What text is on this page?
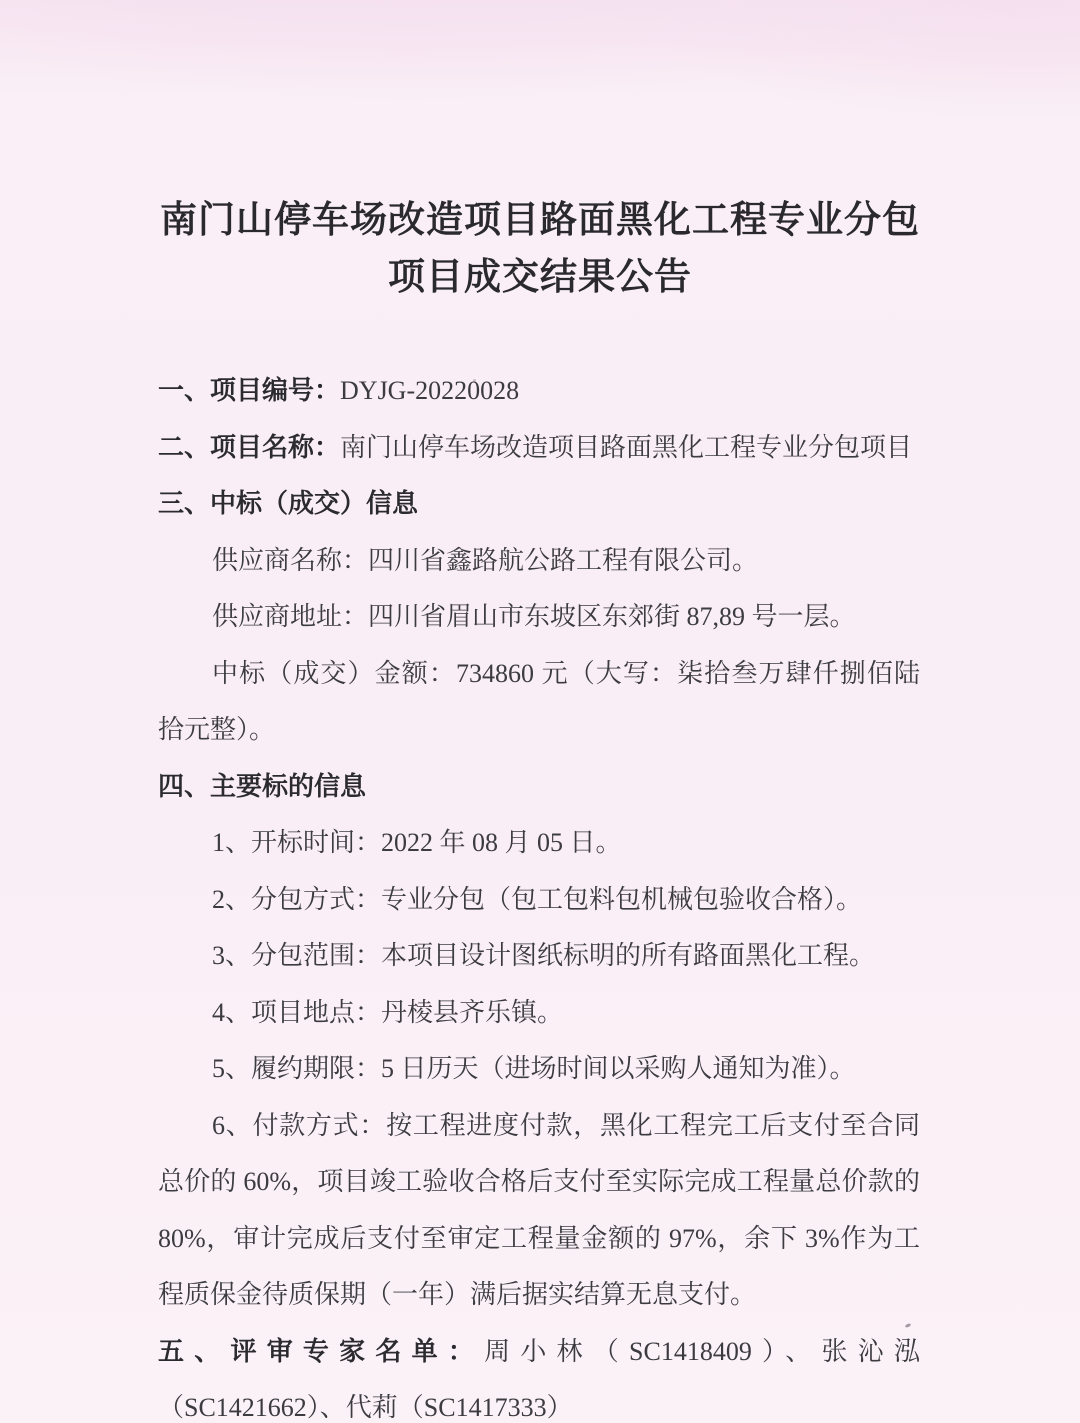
南门山停车场改造项目路面黑化工程专业分包
项目成交结果公告

一、项目编号：DYJG-20220028

二、项目名称：南门山停车场改造项目路面黑化工程专业分包项目

三、中标（成交）信息

供应商名称：四川省鑫路航公路工程有限公司。

供应商地址：四川省眉山市东坡区东郊街 87,89 号一层。

中标（成交）金额：734860 元（大写：柒拾叁万肆仟捌佰陆拾元整）。

四、主要标的信息

1、开标时间：2022 年 08 月 05 日。

2、分包方式：专业分包（包工包料包机械包验收合格）。

3、分包范围：本项目设计图纸标明的所有路面黑化工程。

4、项目地点：丹棱县齐乐镇。

5、履约期限：5 日历天（进场时间以采购人通知为准）。

6、付款方式：按工程进度付款，黑化工程完工后支付至合同总价的 60%，项目竣工验收合格后支付至实际完成工程量总价款的 80%，审计完成后支付至审定工程量金额的 97%，余下 3%作为工程质保金待质保期（一年）满后据实结算无息支付。

五、评审专家名单：周小林（SC1418409）、张沁泓（SC1421662）、代莉（SC1417333）
